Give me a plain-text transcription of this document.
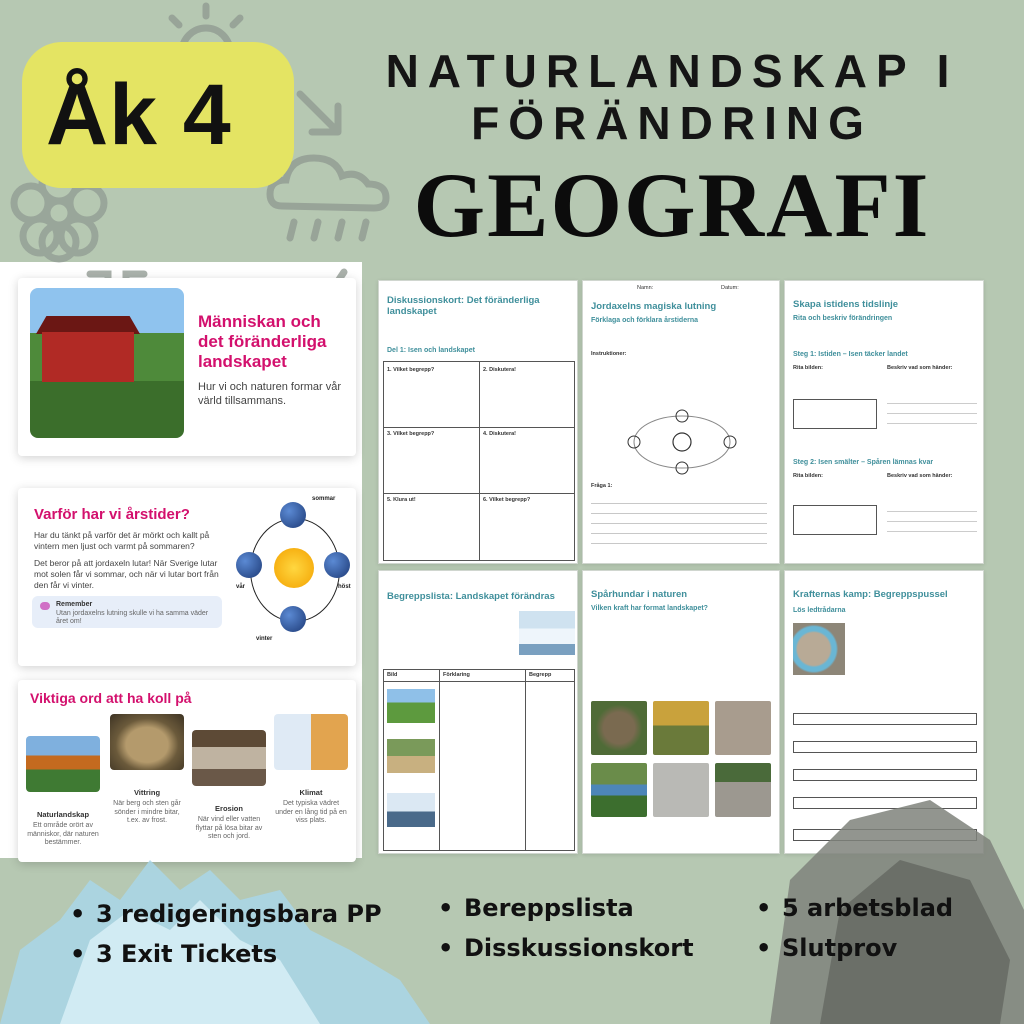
Åk 4	NATURLANDSKAP I
FÖRÄNDRING
GEOGRAFI
Människan och det föränderliga landskapet
Hur vi och naturen formar vår värld tillsammans.
Varför har vi årstider?
Har du tänkt på varför det är mörkt och kallt på vintern men ljust och varmt på sommaren?
Det beror på att jordaxeln lutar! När Sverige lutar mot solen får vi sommar, och när vi lutar bort från den får vi vinter.
Remember
Utan jordaxelns lutning skulle vi ha samma väder året om!
sommar
vår	höst
vinter
Viktiga ord att ha koll på
Naturlandskap
Ett område orört av människor, där naturen bestämmer.
Vittring
När berg och sten går sönder i mindre bitar, t.ex. av frost.
Erosion
När vind eller vatten flyttar på lösa bitar av sten och jord.
Klimat
Det typiska vädret under en lång tid på en viss plats.
Diskussionskort: Det föränderliga landskapet
Del 1: Isen och landskapet
1. Vilket begrepp?	2. Diskutera!
3. Vilket begrepp?	4. Diskutera!
5. Klura ut!	6. Vilket begrepp?
Namn:	Datum:
Jordaxelns magiska lutning
Förklaga och förklara årstiderna
Instruktioner:
Fråga 1:
Skapa istidens tidslinje
Rita och beskriv förändringen
Steg 1: Istiden – Isen täcker landet
Rita bilden:	Beskriv vad som händer:
Steg 2: Isen smälter – Spåren lämnas kvar
Rita bilden:	Beskriv vad som händer:
Begreppslista: Landskapet förändras
Bild	Förklaring	Begrepp
Spårhundar i naturen
Vilken kraft har format landskapet?
Krafternas kamp: Begreppspussel
Lös ledtrådarna
• 3 redigeringsbara PP
• 3 Exit Tickets
• Bereppslista
• Disskussionskort
• 5 arbetsblad
• Slutprov
